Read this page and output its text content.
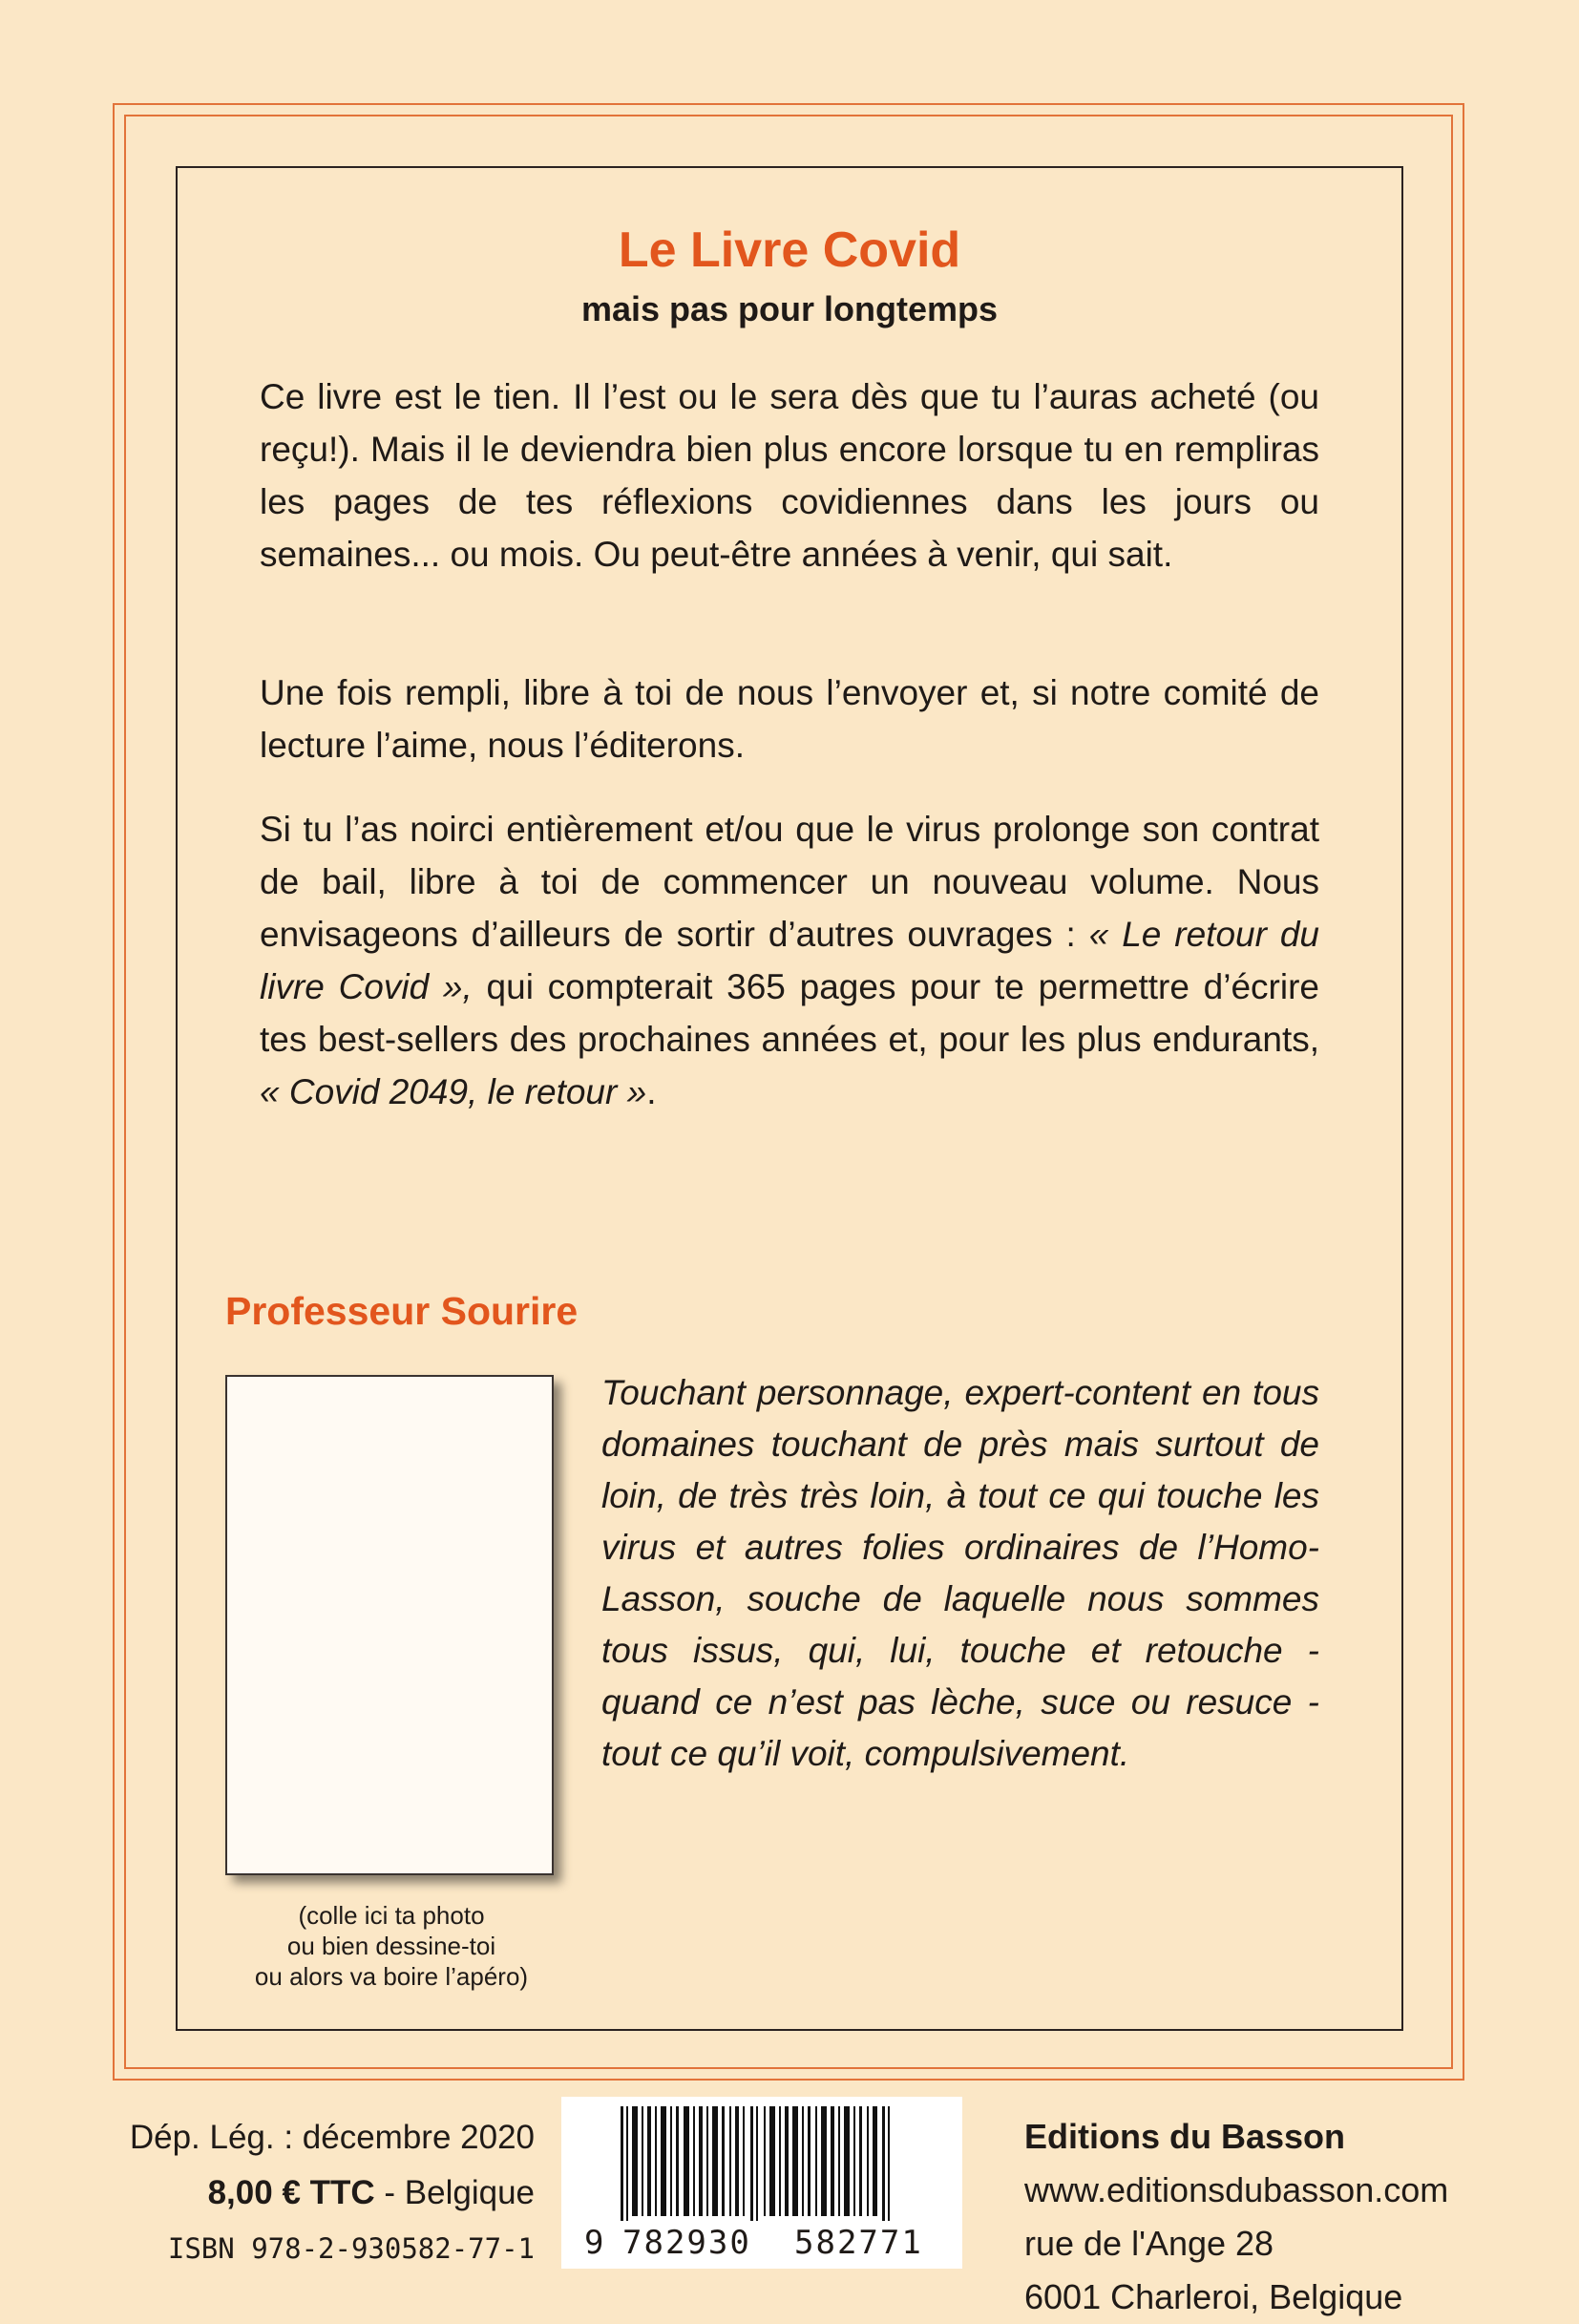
Le Livre Covid
mais pas pour longtemps

Ce livre est le tien. Il l’est ou le sera dès que tu l’auras acheté (ou reçu!). Mais il le deviendra bien plus encore lorsque tu en rempliras les pages de tes réflexions covidiennes dans les jours ou semaines... ou mois. Ou peut-être années à venir, qui sait.

Une fois rempli, libre à toi de nous l’envoyer et, si notre comité de lecture l’aime, nous l’éditerons.

Si tu l’as noirci entièrement et/ou que le virus prolonge son contrat de bail, libre à toi de commencer un nouveau volume. Nous envisageons d’ailleurs de sortir d’autres ouvrages : « Le retour du livre Covid », qui compterait 365 pages pour te permettre d’écrire tes best-sellers des prochaines années et, pour les plus endurants, « Covid 2049, le retour ».

Professeur Sourire
(colle ici ta photo
ou bien dessine-toi
ou alors va boire l’apéro)
Touchant personnage, expert-content en tous domaines touchant de près mais surtout de loin, de très très loin, à tout ce qui touche les virus et autres folies ordinaires de l’Homo-Lasson, souche de laquelle nous sommes tous issus, qui, lui, touche et retouche - quand ce n’est pas lèche, suce ou resuce - tout ce qu’il voit, compulsivement.
Dép. Lég. : décembre 2020
8,00 € TTC - Belgique
ISBN 978-2-930582-77-1 9 782930 582771
Editions du Basson
www.editionsdubasson.com
rue de l'Ange 28
6001 Charleroi, Belgique
